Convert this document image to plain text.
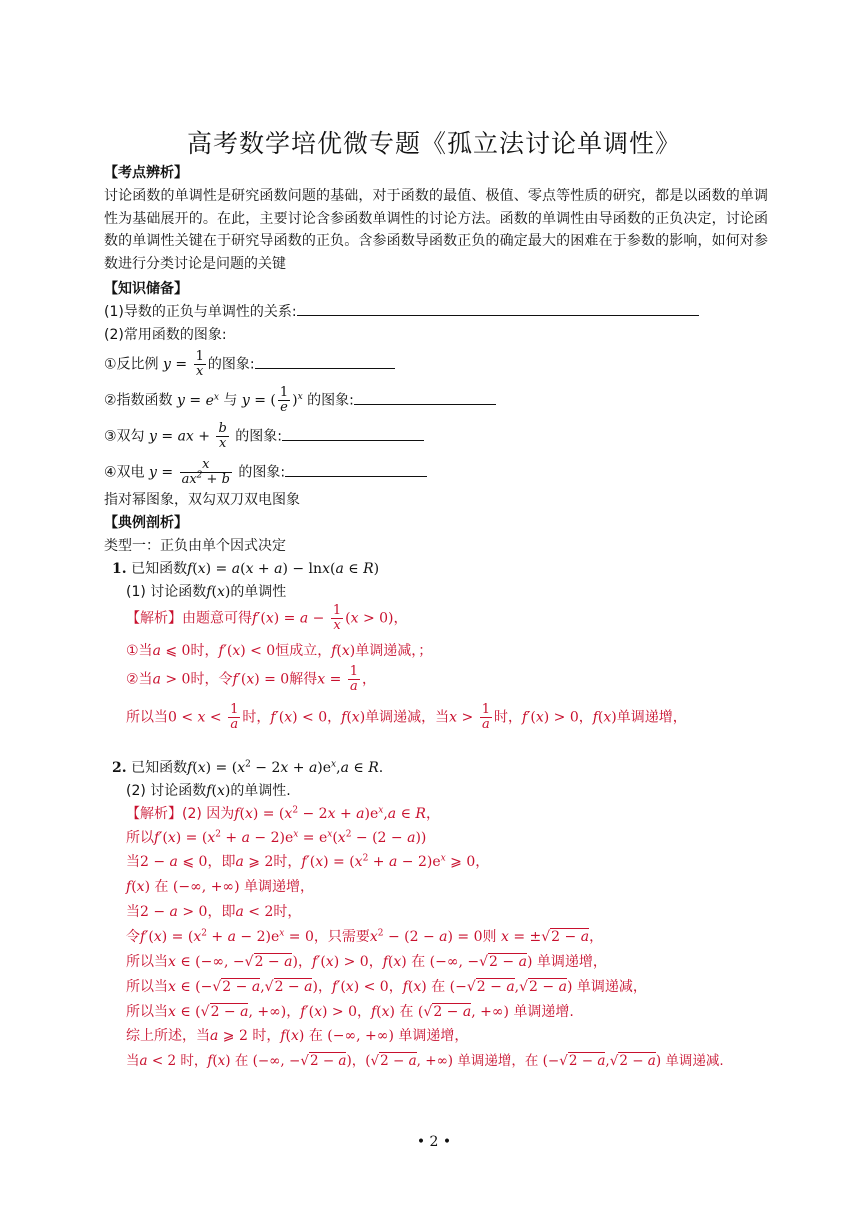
高考数学培优微专题《孤立法讨论单调性》
【考点辨析】
讨论函数的单调性是研究函数问题的基础，对于函数的最值、极值、零点等性质的研究，都是以函数的单调性为基础展开的。在此，主要讨论含参函数单调性的讨论方法。函数的单调性由导函数的正负决定，讨论函数的单调性关键在于研究导函数的正负。含参函数导函数正负的确定最大的困难在于参数的影响，如何对参数进行分类讨论是问题的关键
【知识储备】
(1)导数的正负与单调性的关系:
(2)常用函数的图象:
①反比例 $y = \frac{1}{x}$ 的图象:
②指数函数 $y = e^x$ 与 y = ( $\frac{1}{e} )^x$ 的图象:
③双勾 y = ax + $\frac{b}{x}$ 的图象:
④双电 $y = \frac{x}{ax^2 + b}$ 的图象:
指对幂图象，双勾双刀双电图象
【典例剖析】
类型一：正负由单个因式决定
1. 已知函数f(x) = a(x + a) − lnx(a ∈ R)
(1) 讨论函数f(x)的单调性
【解析】由题意可得$f'(x) = a - \frac{1}{x} (x > 0)$，
①当a ⩽ 0时，f′(x) < 0恒成立，f(x)单调递减，；
②当a > 0时，令f′(x) = 0解得$x = \frac{1}{a}$ ，
所以当$0 < x < \frac{1}{a}$ 时，f′(x) < 0，f(x)单调递减，当$x > \frac{1}{a}$ 时，f′(x) > 0，f(x)单调递增，
2. 已知函数$f(x) = (x^2 - 2x + a)e^x,a$ ∈ R.
(2) 讨论函数f(x)的单调性.
【解析】(2) 因为$f(x) = (x^2 - 2x + a)e^x,a$ ∈ R，
所以$f'(x) = (x^2 + a - 2)e^x = e^x(x^2 - (2 - a))$
当2 − a ⩽ 0，即a ⩾ 2时，$f'(x) = (x^2 + a - 2)e^x$ ⩾ 0，
f(x) 在 (−∞, +∞) 单调递增，
当2 − a > 0，即a < 2时，
令$f'(x) = (x^2 + a - 2)e^x = 0$，只需要$x^2 - (2 - a) = 0$则 x = ±√2 − a，
所以当x ∈ (−∞, −√2 − a)，f′(x) > 0，f(x) 在 (−∞, −√2 − a) 单调递增，
所以当x ∈ (−√2 − a,√2 − a)，f′(x) < 0，f(x) 在 (−√2 − a,√2 − a) 单调递减，
所以当x ∈ (√2 − a, +∞)，f′(x) > 0，f(x) 在 (√2 − a, +∞) 单调递增.
综上所述，当a ⩾ 2 时，f(x) 在 (−∞, +∞) 单调递增，
当a < 2 时，f(x) 在 (−∞, −√2 − a)，(√2 − a, +∞) 单调递增，在 (−√2 − a,√2 − a) 单调递减.
• 2 •
